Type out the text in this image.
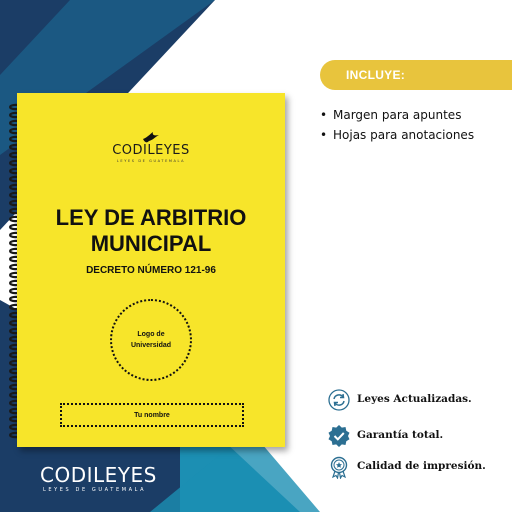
CODILEYES
LEYES DE GUATEMALA
LEY DE ARBITRIO
MUNICIPAL
DECRETO NÚMERO 121-96
Logo de
Universidad
Tu nombre
CODILEYES
LEYES DE GUATEMALA
INCLUYE:
• Margen para apuntes
• Hojas para anotaciones
Leyes Actualizadas.
Garantía total.
Calidad de impresión.
